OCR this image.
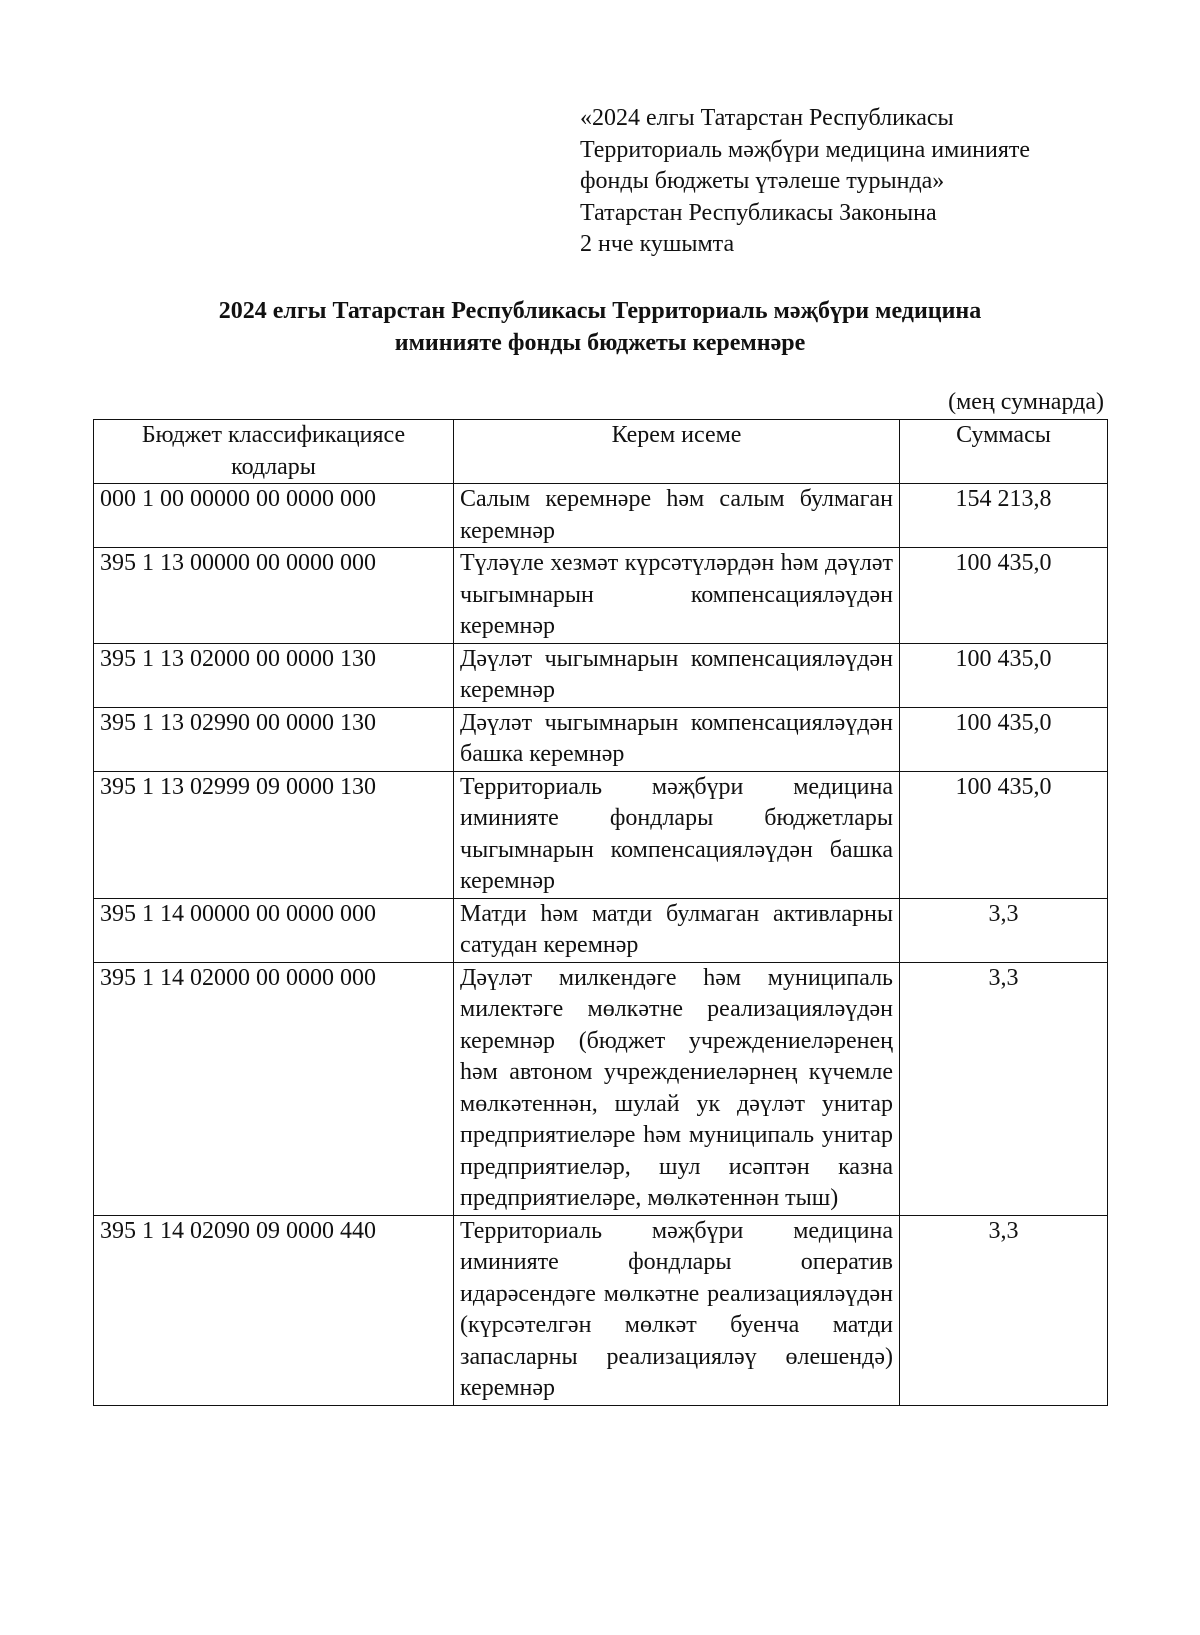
«2024 елгы Татарстан Республикасы
Территориаль мәҗбүри медицина иминияте
фонды бюджеты үтәлеше турында»
Татарстан Республикасы Законына
2 нче кушымта
2024 елгы Татарстан Республикасы Территориаль мәҗбүри медицина
иминияте фонды бюджеты керемнәре
(мең сумнарда)
Бюджет классификациясе кодлары	Керем исеме	Суммасы
000 1 00 00000 00 0000 000	Салым керемнәре һәм салым булмаган керемнәр	154 213,8
395 1 13 00000 00 0000 000	Түләүле хезмәт күрсәтүләрдән һәм дәүләт чыгымнарын компенсацияләүдән керемнәр	100 435,0
395 1 13 02000 00 0000 130	Дәүләт чыгымнарын компенсацияләүдән керемнәр	100 435,0
395 1 13 02990 00 0000 130	Дәүләт чыгымнарын компенсацияләүдән башка керемнәр	100 435,0
395 1 13 02999 09 0000 130	Территориаль мәҗбүри медицина иминияте фондлары бюджетлары чыгымнарын компенсацияләүдән башка керемнәр	100 435,0
395 1 14 00000 00 0000 000	Матди һәм матди булмаган активларны сатудан керемнәр	3,3
395 1 14 02000 00 0000 000	Дәүләт милкендәге һәм муниципаль милектәге мөлкәтне реализацияләүдән керемнәр (бюджет учреждениеләренең һәм автоном учреждениеләрнең күчемле мөлкәтеннән, шулай ук дәүләт унитар предприятиеләре һәм муниципаль унитар предприятиеләр, шул исәптән казна предприятиеләре, мөлкәтеннән тыш)	3,3
395 1 14 02090 09 0000 440	Территориаль мәҗбүри медицина иминияте фондлары оператив идарәсендәге мөлкәтне реализацияләүдән (күрсәтелгән мөлкәт буенча матди запасларны реализацияләү өлешендә) керемнәр	3,3
